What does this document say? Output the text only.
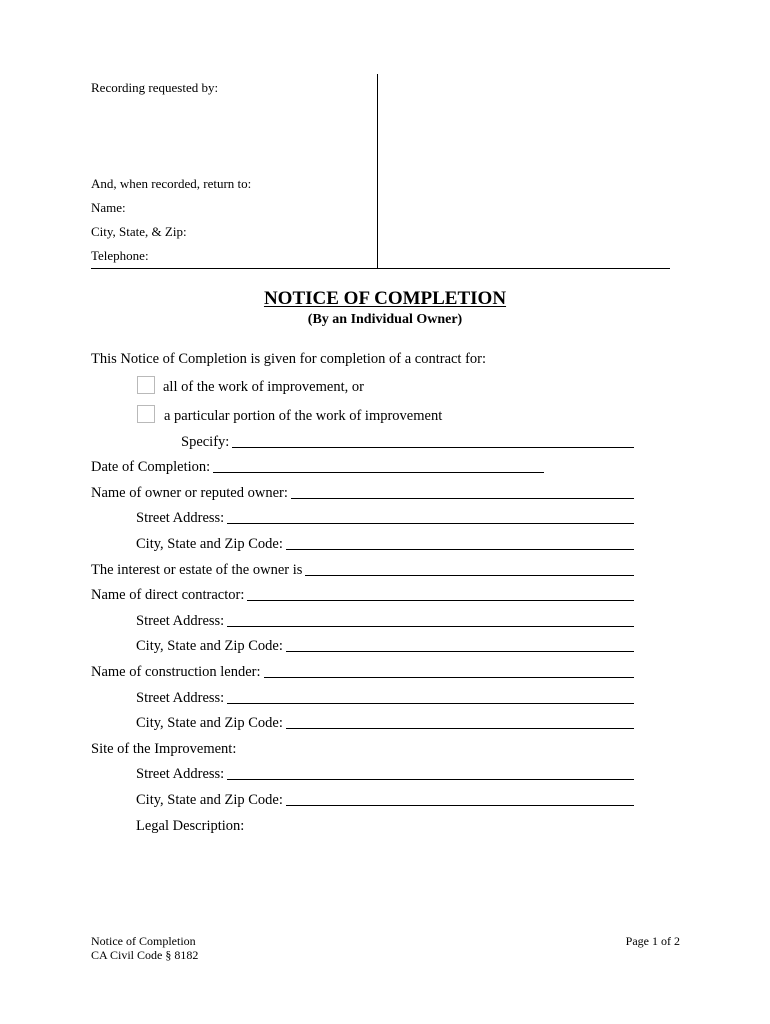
Recording requested by:
And, when recorded, return to:
Name:
City, State, & Zip:
Telephone:
NOTICE OF COMPLETION
(By an Individual Owner)
This Notice of Completion is given for completion of a contract for:
all of the work of improvement, or
a particular portion of the work of improvement
Specify:
Date of Completion:
Name of owner or reputed owner:
Street Address:
City, State and Zip Code:
The interest or estate of the owner is
Name of direct contractor:
Street Address:
City, State and Zip Code:
Name of construction lender:
Street Address:
City, State and Zip Code:
Site of the Improvement:
Street Address:
City, State and Zip Code:
Legal Description:
Notice of Completion
CA Civil Code § 8182
Page 1 of 2
